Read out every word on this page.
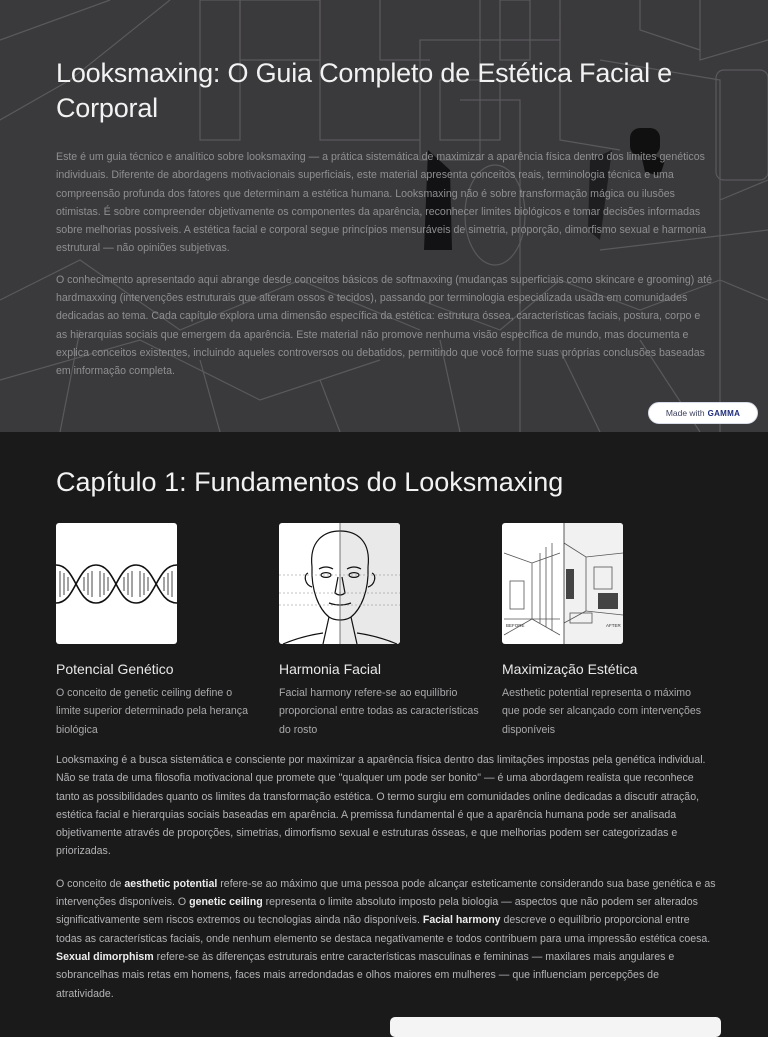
Looksmaxing: O Guia Completo de Estética Facial e Corporal

Este é um guia técnico e analítico sobre looksmaxing — a prática sistemática de maximizar a aparência física dentro dos limites genéticos individuais. Diferente de abordagens motivacionais superficiais, este material apresenta conceitos reais, terminologia técnica e uma compreensão profunda dos fatores que determinam a estética humana. Looksmaxing não é sobre transformação mágica ou ilusões otimistas. É sobre compreender objetivamente os componentes da aparência, reconhecer limites biológicos e tomar decisões informadas sobre melhorias possíveis. A estética facial e corporal segue princípios mensuráveis de simetria, proporção, dimorfismo sexual e harmonia estrutural — não opiniões subjetivas.

O conhecimento apresentado aqui abrange desde conceitos básicos de softmaxxing (mudanças superficiais como skincare e grooming) até hardmaxxing (intervenções estruturais que alteram ossos e tecidos), passando por terminologia especializada usada em comunidades dedicadas ao tema. Cada capítulo explora uma dimensão específica da estética: estrutura óssea, características faciais, postura, corpo e as hierarquias sociais que emergem da aparência. Este material não promove nenhuma visão específica de mundo, mas documenta e explica conceitos existentes, incluindo aqueles controversos ou debatidos, permitindo que você forme suas próprias conclusões baseadas em informação completa.

Made with GAMMA
Capítulo 1: Fundamentos do Looksmaxing
Potencial Genético

O conceito de genetic ceiling define o limite superior determinado pela herança biológica

Harmonia Facial

Facial harmony refere-se ao equilíbrio proporcional entre todas as características do rosto

BEFORE	AFTER
Maximização Estética

Aesthetic potential representa o máximo que pode ser alcançado com intervenções disponíveis

Looksmaxing é a busca sistemática e consciente por maximizar a aparência física dentro das limitações impostas pela genética individual. Não se trata de uma filosofia motivacional que promete que "qualquer um pode ser bonito" — é uma abordagem realista que reconhece tanto as possibilidades quanto os limites da transformação estética. O termo surgiu em comunidades online dedicadas a discutir atração, estética facial e hierarquias sociais baseadas em aparência. A premissa fundamental é que a aparência humana pode ser analisada objetivamente através de proporções, simetrias, dimorfismo sexual e estruturas ósseas, e que melhorias podem ser categorizadas e priorizadas.

O conceito de aesthetic potential refere-se ao máximo que uma pessoa pode alcançar esteticamente considerando sua base genética e as intervenções disponíveis. O genetic ceiling representa o limite absoluto imposto pela biologia — aspectos que não podem ser alterados significativamente sem riscos extremos ou tecnologias ainda não disponíveis. Facial harmony descreve o equilíbrio proporcional entre todas as características faciais, onde nenhum elemento se destaca negativamente e todos contribuem para uma impressão estética coesa. Sexual dimorphism refere-se às diferenças estruturais entre características masculinas e femininas — maxilares mais angulares e sobrancelhas mais retas em homens, faces mais arredondadas e olhos maiores em mulheres — que influenciam percepções de atratividade.
